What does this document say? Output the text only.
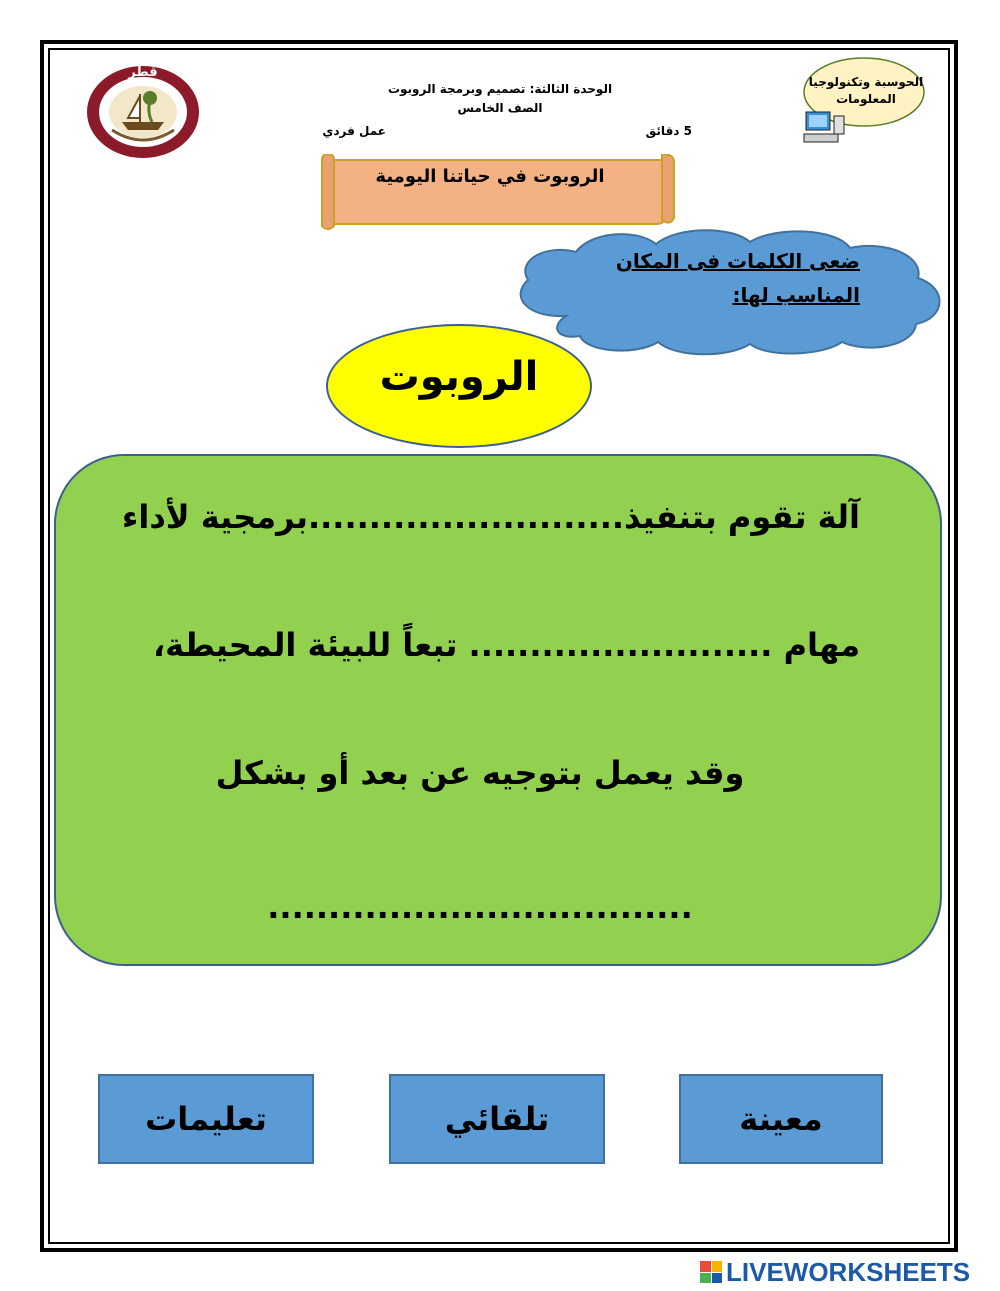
قطر
الحوسبة وتكنولوجيا المعلومات
الوحدة الثالثة: تصميم وبرمجة الروبوت
الصف الخامس
5 دقائق
عمل فردي
الروبوت في حياتنا اليومية
ضعى الكلمات فى المكان المناسب لها:
الروبوت
آلة تقوم بتنفيذ..........................برمجية لأداء
مهام ......................... تبعاً للبيئة المحيطة،
وقد يعمل بتوجيه عن بعد أو بشكل
...................................
تعليمات	تلقائي	معينة
LIVEWORKSHEETS
